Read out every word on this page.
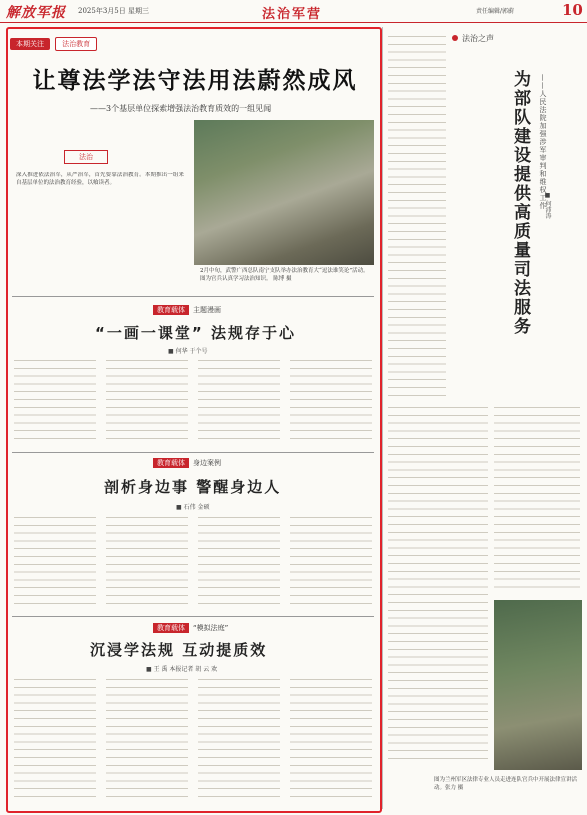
解放军报 2025年3月5日 星期三	法治军营	责任编辑/郭蔚	10
本期关注	法治教育
让尊法学法守法用法蔚然成风
——3个基层单位探索增强法治教育质效的一组见闻
法治
深入推进依法治军，从严治军，首先要靠法治教育。本期推出一组来自基层单位的法治教育经验，以飨读者。
2月中旬，武警广西总队南宁支队举办法治教育大“逗法谁笑论”活动。图为官兵认真学习法治知识。 陈博 摄
教育载体 主题漫画
“一画一课堂” 法规存于心
■ 何华 于个号
教育载体 身边案例
剖析身边事 警醒身边人
■ 石伟 金硕
教育载体 “模拟法庭”
沉浸学法规 互动提质效
■ 王 禹 本报记者 胡 云 欢
法治之声
为部队建设提供高质量司法服务	——人民法院加强涉军审判和维权工作
■ 何沛涛
图为兰州军区法律专业人员走进连队官兵中开展法律宣讲活动。张力 摄
